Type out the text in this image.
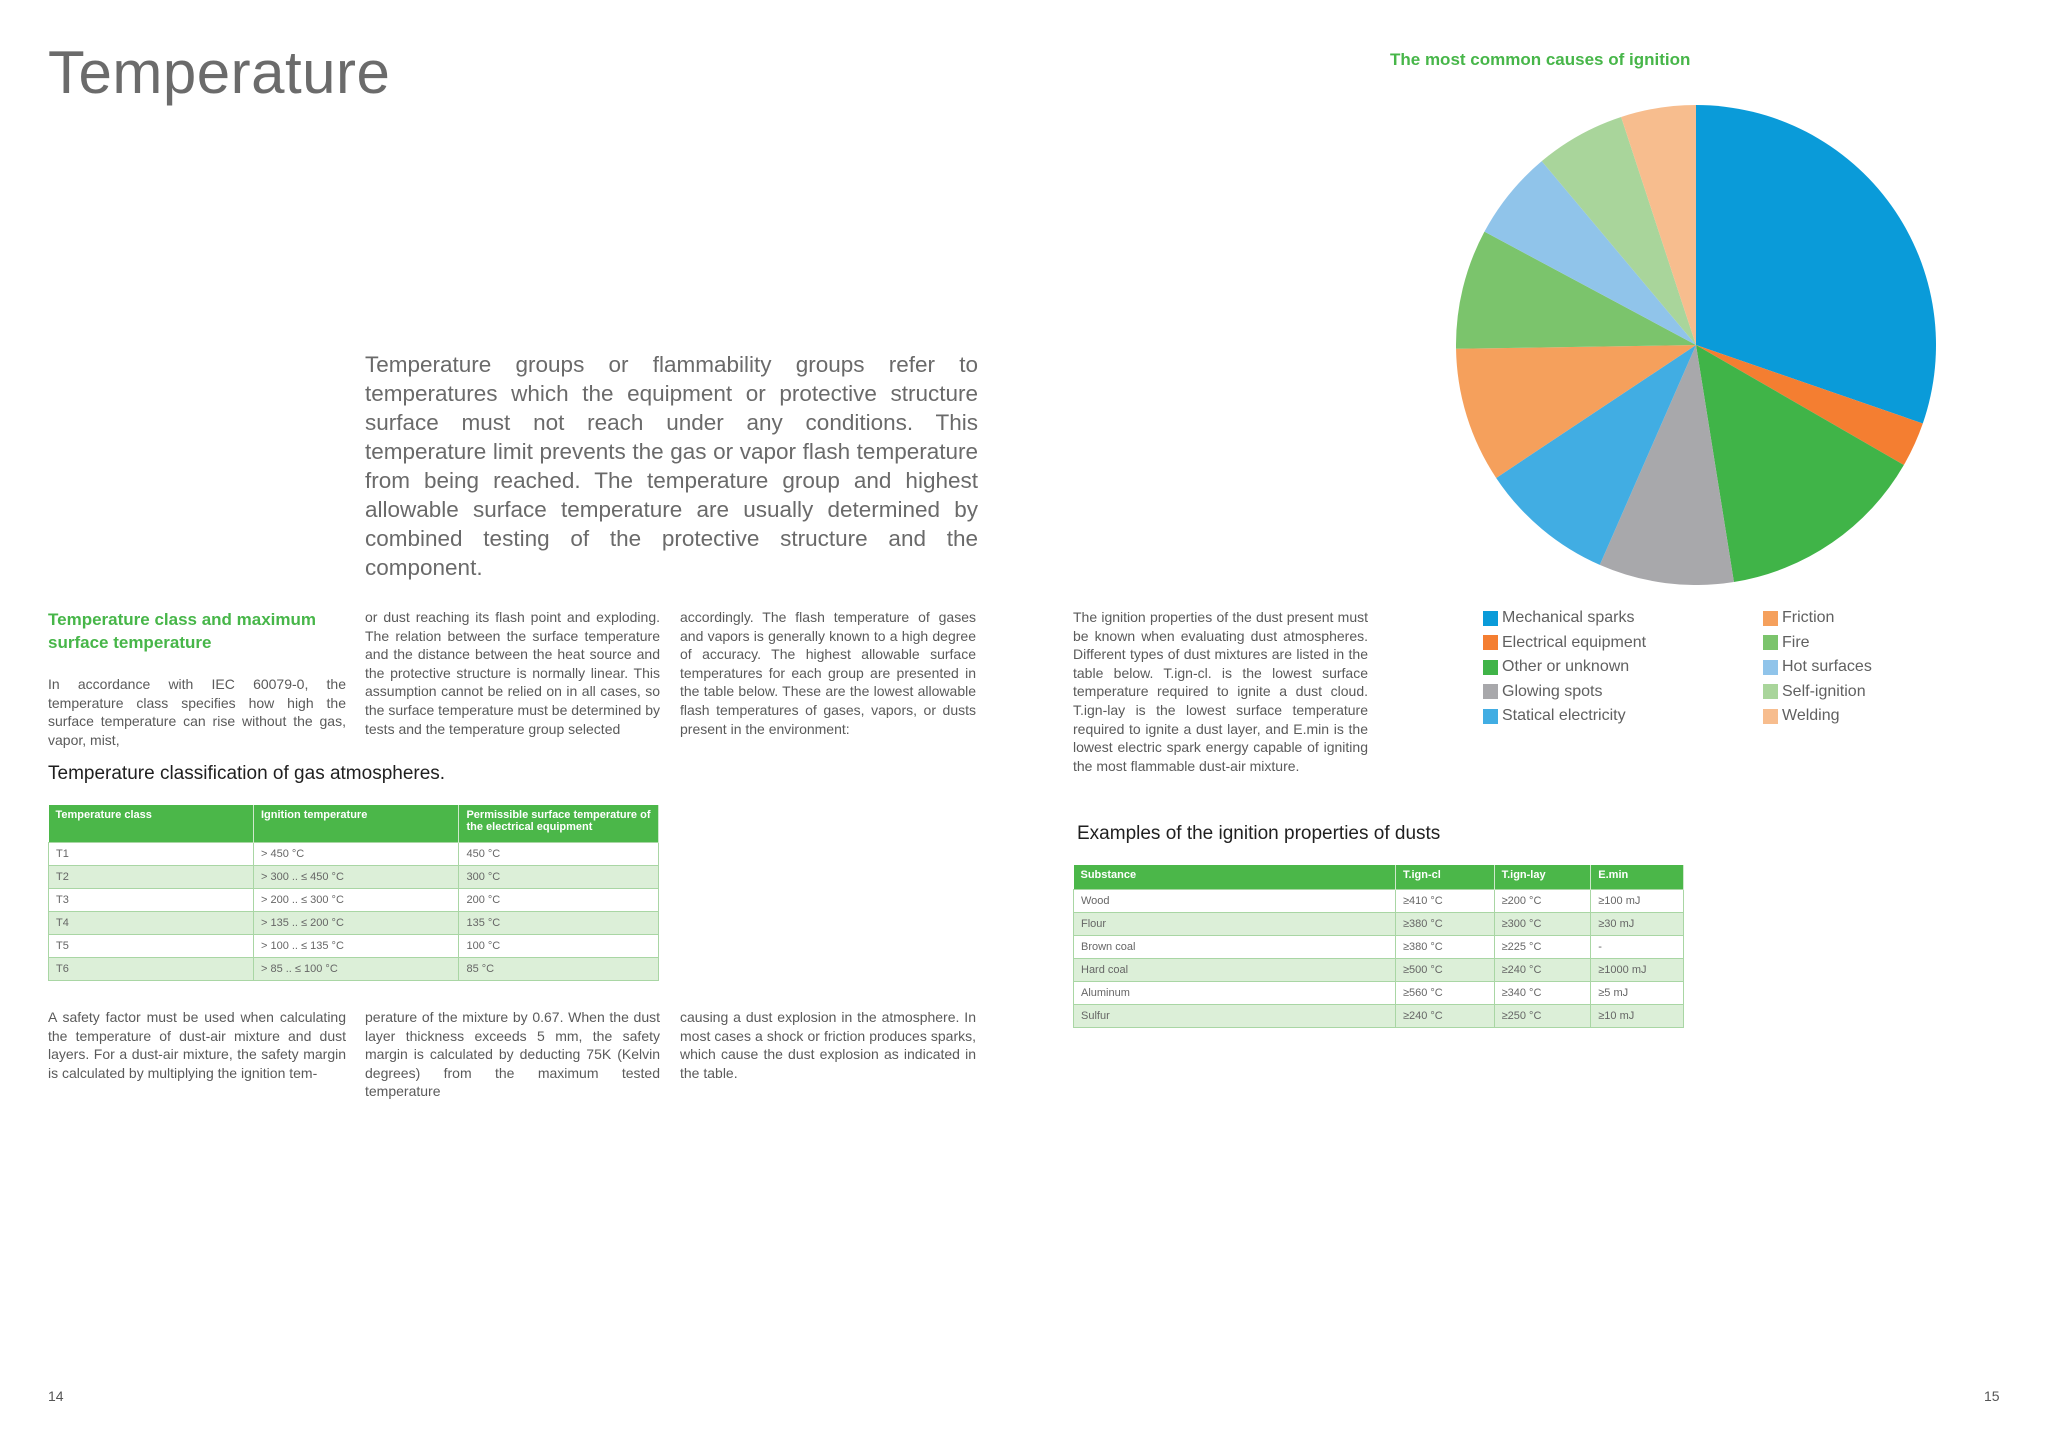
Temperature

Temperature groups or flammability groups refer to temperatures which the equipment or protective structure surface must not reach under any conditions. This temperature limit prevents the gas or vapor flash temperature from being reached. The temperature group and highest allowable surface temperature are usually determined by combined testing of the protective structure and the component.

Temperature class and maximum surface temperature

In accordance with IEC 60079-0, the temperature class specifies how high the surface temperature can rise without the gas, vapor, mist,

or dust reaching its flash point and exploding. The relation between the surface temperature and the distance between the heat source and the protective structure is normally linear. This assumption cannot be relied on in all cases, so the surface temperature must be determined by tests and the temperature group selected

accordingly. The flash temperature of gases and vapors is generally known to a high degree of accuracy. The highest allowable surface temperatures for each group are presented in the table below. These are the lowest allowable flash temperatures of gases, vapors, or dusts present in the environment:

The ignition properties of the dust present must be known when evaluating dust atmospheres. Different types of dust mixtures are listed in the table below. T.ign-cl. is the lowest surface temperature required to ignite a dust cloud. T.ign-lay is the lowest surface temperature required to ignite a dust layer, and E.min is the lowest electric spark energy capable of igniting the most flammable dust-air mixture.

Temperature classification of gas atmospheres.
Temperature class	Ignition temperature	Permissible surface temperature of the electrical equipment
T1	> 450 °C	450 °C
T2	> 300 .. ≤ 450 °C	300 °C
T3	> 200 .. ≤ 300 °C	200 °C
T4	> 135 .. ≤ 200 °C	135 °C
T5	> 100 .. ≤ 135 °C	100 °C
T6	> 85 .. ≤ 100 °C	85 °C

A safety factor must be used when calculating the temperature of dust-air mixture and dust layers. For a dust-air mixture, the safety margin is calculated by multiplying the ignition tem-

perature of the mixture by 0.67. When the dust layer thickness exceeds 5 mm, the safety margin is calculated by deducting 75K (Kelvin degrees) from the maximum tested temperature

causing a dust explosion in the atmosphere. In most cases a shock or friction produces sparks, which cause the dust explosion as indicated in the table.

The most common causes of ignition

Mechanical sparks
Electrical equipment
Other or unknown
Glowing spots
Statical electricity
Friction
Fire
Hot surfaces
Self-ignition
Welding
Examples of the ignition properties of dusts
Substance	T.ign-cl	T.ign-lay	E.min
Wood	≥410 °C	≥200 °C	≥100 mJ
Flour	≥380 °C	≥300 °C	≥30 mJ
Brown coal	≥380 °C	≥225 °C	-
Hard coal	≥500 °C	≥240 °C	≥1000 mJ
Aluminum	≥560 °C	≥340 °C	≥5 mJ
Sulfur	≥240 °C	≥250 °C	≥10 mJ
14	15
